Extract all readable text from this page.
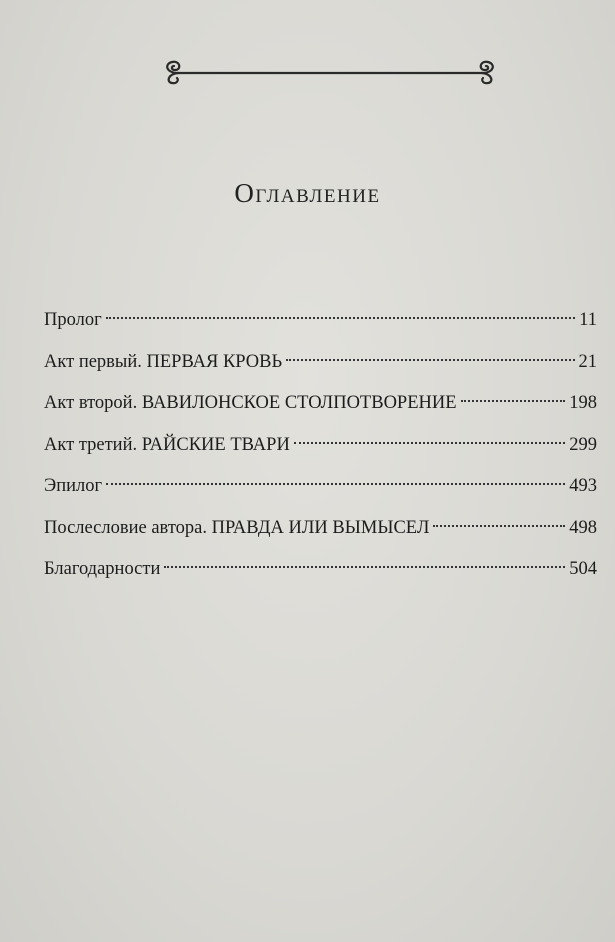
Оглавление
Пролог	11
Акт первый. ПЕРВАЯ КРОВЬ	21
Акт второй. ВАВИЛОНСКОЕ СТОЛПОТВОРЕНИЕ	198
Акт третий. РАЙСКИЕ ТВАРИ	299
Эпилог	493
Послесловие автора. ПРАВДА ИЛИ ВЫМЫСЕЛ	498
Благодарности	504
